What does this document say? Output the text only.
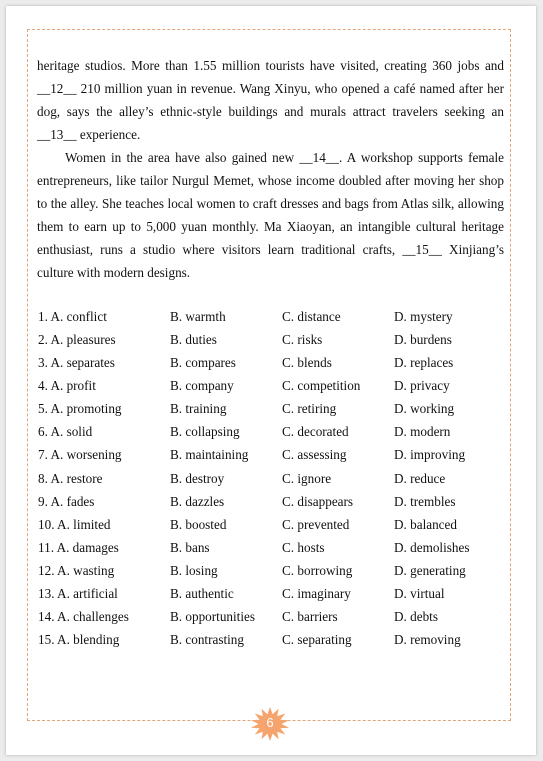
heritage studios. More than 1.55 million tourists have visited, creating 360 jobs and __12__ 210 million yuan in revenue. Wang Xinyu, who opened a café named after her dog, says the alley’s ethnic-style buildings and murals attract travelers seeking an __13__ experience.

Women in the area have also gained new __14__. A workshop supports female entrepreneurs, like tailor Nurgul Memet, whose income doubled after moving her shop to the alley. She teaches local women to craft dresses and bags from Atlas silk, allowing them to earn up to 5,000 yuan monthly. Ma Xiaoyan, an intangible cultural heritage enthusiast, runs a studio where visitors learn traditional crafts, __15__ Xinjiang’s culture with modern designs.

1. A. conflict	B. warmth	C. distance	D. mystery
2. A. pleasures	B. duties	C. risks	D. burdens
3. A. separates	B. compares	C. blends	D. replaces
4. A. profit	B. company	C. competition	D. privacy
5. A. promoting	B. training	C. retiring	D. working
6. A. solid	B. collapsing	C. decorated	D. modern
7. A. worsening	B. maintaining	C. assessing	D. improving
8. A. restore	B. destroy	C. ignore	D. reduce
9. A. fades	B. dazzles	C. disappears	D. trembles
10. A. limited	B. boosted	C. prevented	D. balanced
11. A. damages	B. bans	C. hosts	D. demolishes
12. A. wasting	B. losing	C. borrowing	D. generating
13. A. artificial	B. authentic	C. imaginary	D. virtual
14. A. challenges	B. opportunities C. barriers	D. debts
15. A. blending	B. contrasting	C. separating	D. removing
6
